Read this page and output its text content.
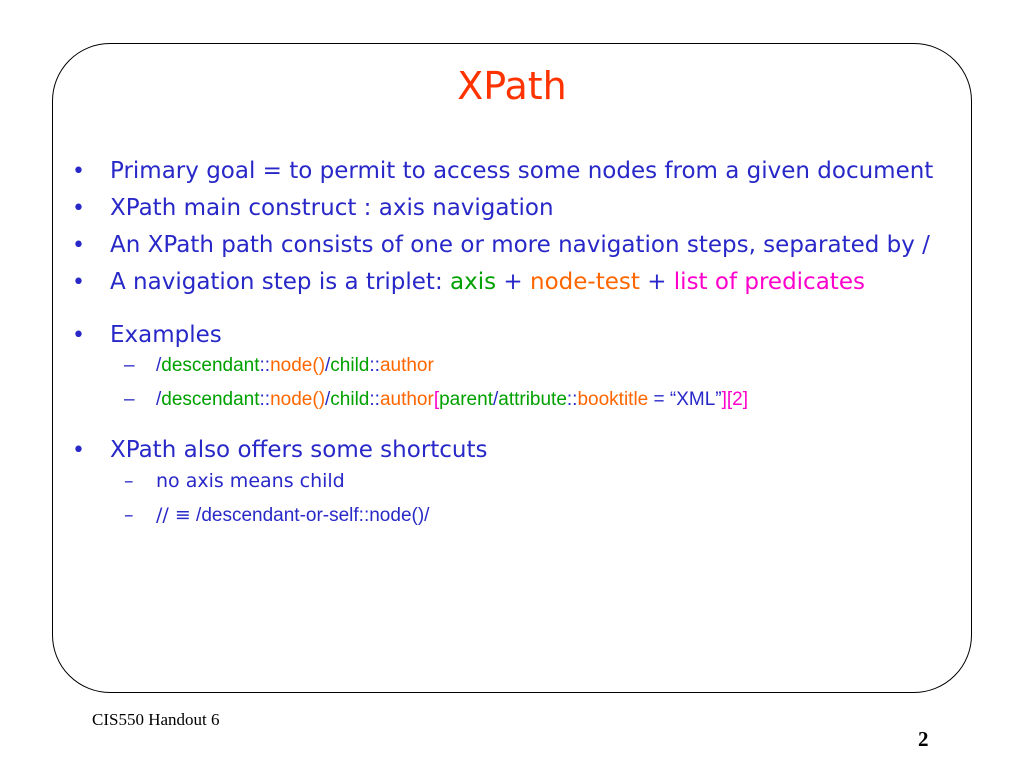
XPath
•	Primary goal = to permit to access some nodes from a given document
•	XPath main construct : axis navigation
•	An XPath path consists of one or more navigation steps, separated by /
•	A navigation step is a triplet: axis + node-test + list of predicates
•	Examples
– /descendant::node()/child::author
– /descendant::node()/child::author[parent/attribute::booktitle = “XML”][2]
•	XPath also offers some shortcuts
– no axis means child
– // ≡ /descendant-or-self::node()/
CIS550 Handout 6
2
